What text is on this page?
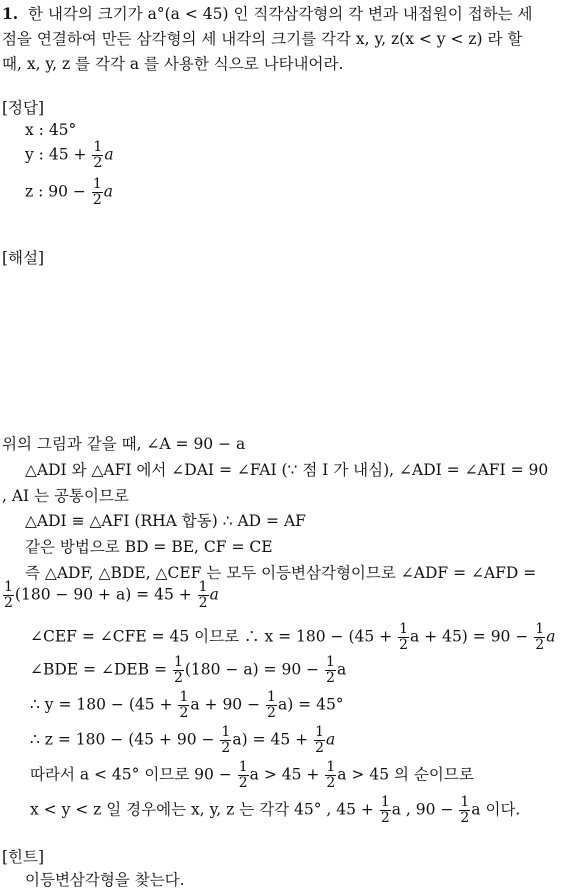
1. 한 내각의 크기가 a°(a < 45) 인 직각삼각형의 각 변과 내접원이 접하는 세
점을 연결하여 만든 삼각형의 세 내각의 크기를 각각 x, y, z(x < y < z) 라 할
때, x, y, z 를 각각 a 를 사용한 식으로 나타내어라.
[정답]
x : 45°
y : $45 + \frac{1}{2}$ a
z : $90 - \frac{1}{2}$ a
[해설]
위의 그림과 같을 때, ∠A = 90 − a
△ADI 와 △AFI 에서 ∠DAI = ∠FAI (∵ 점 I 가 내심), ∠ADI = ∠AFI = 90
, AI 는 공통이므로
△ADI ≡ △AFI (RHA 합동) ∴ AD = AF
같은 방법으로 BD = BE, CF = CE
즉 △ADF, △BDE, △CEF 는 모두 이등변삼각형이므로 ∠ADF = ∠AFD =
$\frac{1}{2} (180 - 90 + a) = 45 + \frac{1}{2}$ a
∠CEF = ∠CFE = 45 이므로 ∴ $x = 180 - (45 + \frac{1}{2}$ $a + 45) = 90 - \frac{1}{2}$ a
∠BDE = ∠DEB = $\frac{1}{2} (180 - a) = 90 - \frac{1}{2}$ a
∴ $y = 180 - (45 + \frac{1}{2}$ $a + 90 - \frac{1}{2} a) = 45^\circ$
∴ $z = 180 - (45 + 90 - \frac{1}{2} a) = 45 + \frac{1}{2}$ a
따라서 a < 45° 이므로 $90 - \frac{1}{2}$ $a > 45 + \frac{1}{2}$ a > 45 의 순이므로
x < y < z 일 경우에는 x, y, z 는 각각 45° , $45 + \frac{1}{2}$ a , $90 - \frac{1}{2}$ a 이다.
[힌트]
이등변삼각형을 찾는다.
